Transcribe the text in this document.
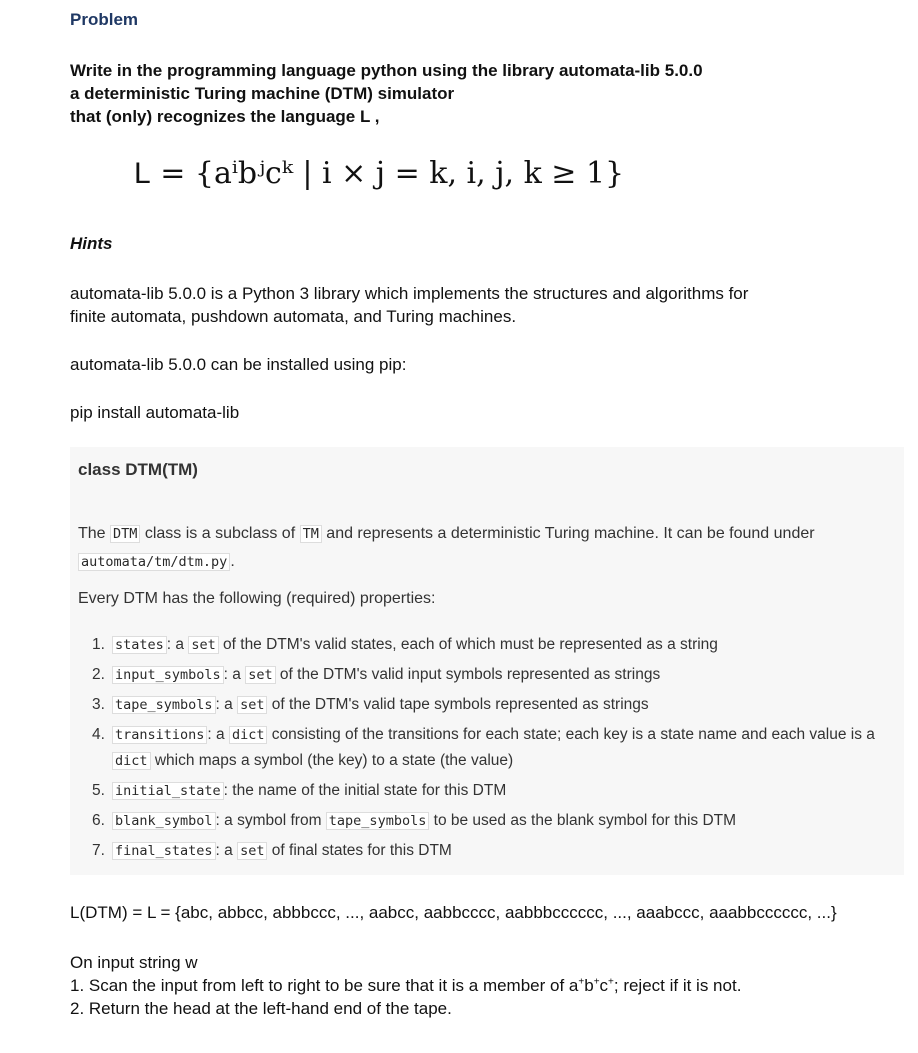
Problem
Write in the programming language python using the library automata-lib 5.0.0
a deterministic Turing machine (DTM) simulator
that (only) recognizes the language L ,
L = {aⁱbʲcᵏ | i × j = k, i, j, k ≥ 1}
Hints
automata-lib 5.0.0 is a Python 3 library which implements the structures and algorithms for
finite automata, pushdown automata, and Turing machines.
automata-lib 5.0.0 can be installed using pip:
pip install automata-lib
class DTM(TM)
The DTM class is a subclass of TM and represents a deterministic Turing machine. It can be found under
automata/tm/dtm.py .
Every DTM has the following (required) properties:
1. states : a set of the DTM's valid states, each of which must be represented as a string
2. input_symbols : a set of the DTM's valid input symbols represented as strings
3. tape_symbols : a set of the DTM's valid tape symbols represented as strings
4. transitions : a dict consisting of the transitions for each state; each key is a state name and each value is a
dict which maps a symbol (the key) to a state (the value)
5. initial_state : the name of the initial state for this DTM
6. blank_symbol : a symbol from tape_symbols to be used as the blank symbol for this DTM
7. final_states : a set of final states for this DTM
L(DTM) = L = {abc, abbcc, abbbccc, ..., aabcc, aabbcccc, aabbbcccccc, ..., aaabccc, aaabbcccccc, ...}
On input string w
1. Scan the input from left to right to be sure that it is a member of a+b+c+; reject if it is not.
2. Return the head at the left-hand end of the tape.
